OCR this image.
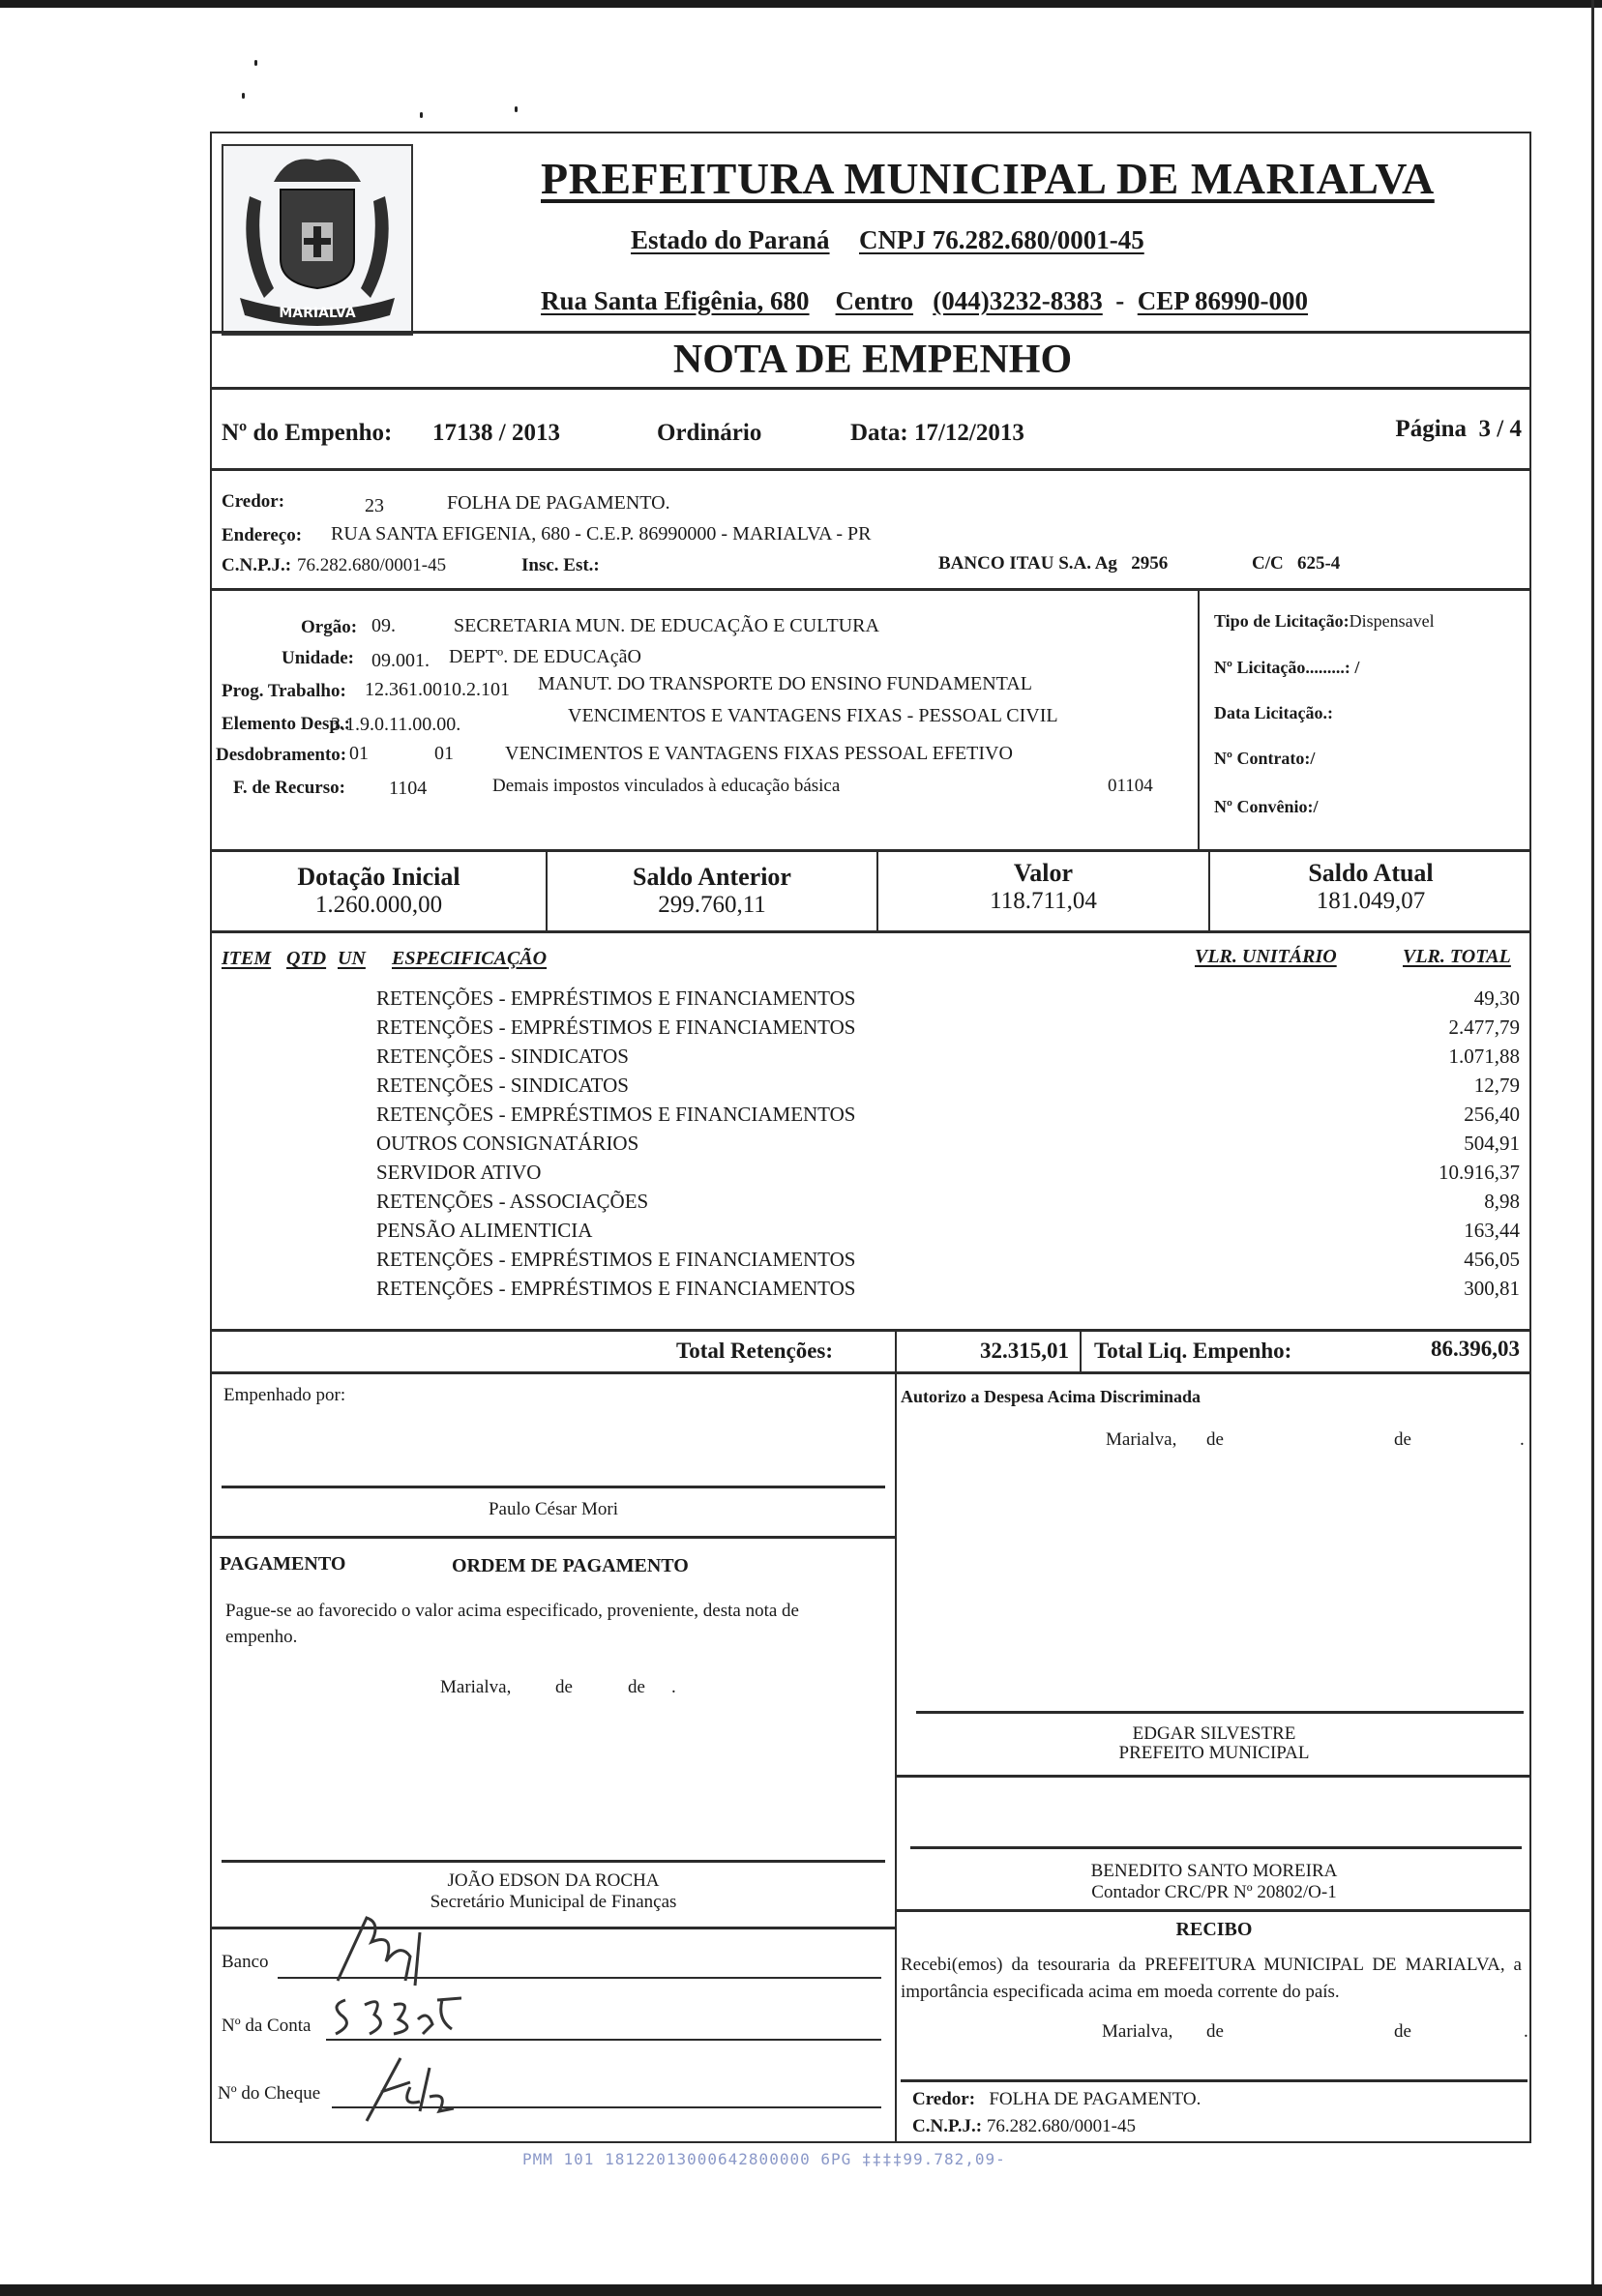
MARIALVA
PREFEITURA MUNICIPAL DE MARIALVA
Estado do Paraná CNPJ 76.282.680/0001-45
Rua Santa Efigênia, 680 Centro (044)3232-8383 - CEP 86990-000
NOTA DE EMPENHO
Nº do Empenho: 17138 / 2013	Ordinário	Data: 17/12/2013	Página 3 / 4
Credor:	23	FOLHA DE PAGAMENTO.
Endereço: RUA SANTA EFIGENIA, 680 - C.E.P. 86990000 - MARIALVA - PR
C.N.P.J.: 76.282.680/0001-45	Insc. Est.:	BANCO ITAU S.A. Ag 2956	C/C 625-4
Orgão: 09.	SECRETARIA MUN. DE EDUCAÇÃO E CULTURA
Unidade: 09.001. DEPTº. DE EDUCAçãO
Prog. Trabalho: 12.361.0010.2.101 MANUT. DO TRANSPORTE DO ENSINO FUNDAMENTAL
Elemento Desp.:
3.1.9.0.11.00.00.	VENCIMENTOS E VANTAGENS FIXAS - PESSOAL CIVIL
Desdobramento: 01	01	VENCIMENTOS E VANTAGENS FIXAS PESSOAL EFETIVO
F. de Recurso: 1104	Demais impostos vinculados à educação básica	01104
Tipo de Licitação:Dispensavel
Nº Licitação.........: /
Data Licitação.:
Nº Contrato:/
Nº Convênio:/
Dotação Inicial
1.260.000,00
Saldo Anterior
299.760,11
Valor
118.711,04
Saldo Atual
181.049,07
ITEM QTD UN ESPECIFICAÇÃO	VLR. UNITÁRIO	VLR. TOTAL
RETENÇÕES - EMPRÉSTIMOS E FINANCIAMENTOS	49,30
RETENÇÕES - EMPRÉSTIMOS E FINANCIAMENTOS	2.477,79
RETENÇÕES - SINDICATOS	1.071,88
RETENÇÕES - SINDICATOS	12,79
RETENÇÕES - EMPRÉSTIMOS E FINANCIAMENTOS	256,40
OUTROS CONSIGNATÁRIOS	504,91
SERVIDOR ATIVO	10.916,37
RETENÇÕES - ASSOCIAÇÕES	8,98
PENSÃO ALIMENTICIA	163,44
RETENÇÕES - EMPRÉSTIMOS E FINANCIAMENTOS	456,05
RETENÇÕES - EMPRÉSTIMOS E FINANCIAMENTOS	300,81
Total Retenções:	32.315,01 Total Liq. Empenho:	86.396,03
Empenhado por:
Paulo César Mori
PAGAMENTO	ORDEM DE PAGAMENTO
Pague-se ao favorecido o valor acima especificado, proveniente, desta nota de empenho.
Marialva, de	de .
JOÃO EDSON DA ROCHA
Secretário Municipal de Finanças
Banco
Nº da Conta
Nº do Cheque
Autorizo a Despesa Acima Discriminada
Marialva, de	de	.
EDGAR SILVESTRE
PREFEITO MUNICIPAL
BENEDITO SANTO MOREIRA
Contador CRC/PR Nº 20802/O-1
RECIBO
Recebi(emos) da tesouraria da PREFEITURA MUNICIPAL DE MARIALVA, a importância especificada acima em moeda corrente do país.
Marialva, de	de	.
Credor: FOLHA DE PAGAMENTO.
C.N.P.J.: 76.282.680/0001-45
PMM 101 18122013000642800000 6PG ‡‡‡‡99.782,09-
